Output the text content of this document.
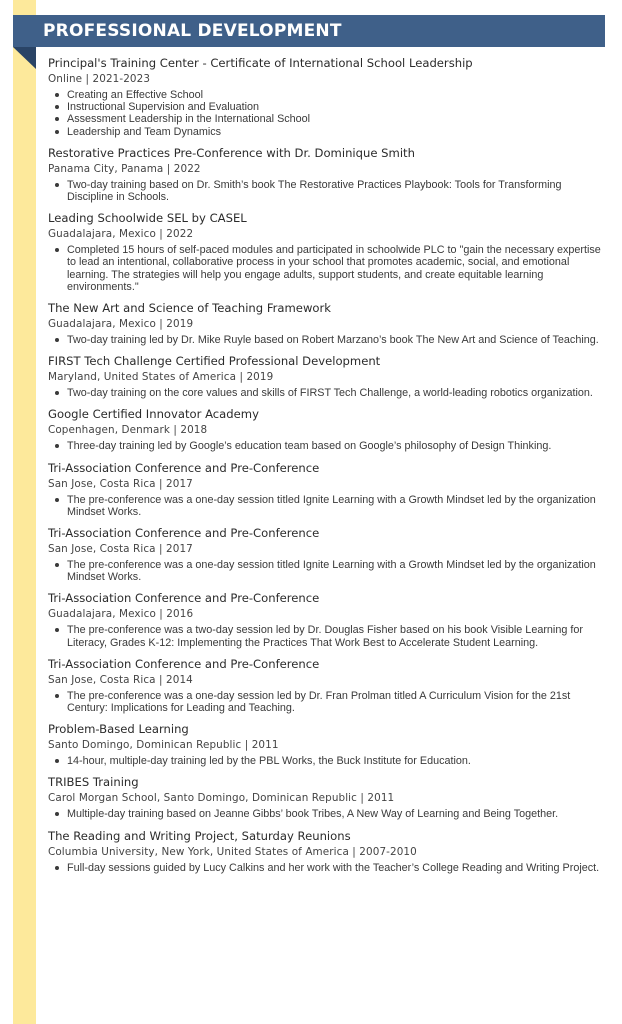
PROFESSIONAL DEVELOPMENT
Principal's Training Center - Certificate of International School Leadership
Online | 2021-2023
Creating an Effective School
Instructional Supervision and Evaluation
Assessment Leadership in the International School
Leadership and Team Dynamics
Restorative Practices Pre-Conference with Dr. Dominique Smith
Panama City, Panama | 2022
Two-day training based on Dr. Smith’s book The Restorative Practices Playbook: Tools for Transforming Discipline in Schools.
Leading Schoolwide SEL by CASEL
Guadalajara, Mexico | 2022
Completed 15 hours of self-paced modules and participated in schoolwide PLC to "gain the necessary expertise to lead an intentional, collaborative process in your school that promotes academic, social, and emotional learning. The strategies will help you engage adults, support students, and create equitable learning environments."
The New Art and Science of Teaching Framework
Guadalajara, Mexico | 2019
Two-day training led by Dr. Mike Ruyle based on Robert Marzano’s book The New Art and Science of Teaching.
FIRST Tech Challenge Certified Professional Development
Maryland, United States of America | 2019
Two-day training on the core values and skills of FIRST Tech Challenge, a world-leading robotics organization.
Google Certified Innovator Academy
Copenhagen, Denmark | 2018
Three-day training led by Google’s education team based on Google’s philosophy of Design Thinking.
Tri-Association Conference and Pre-Conference
San Jose, Costa Rica | 2017
The pre-conference was a one-day session titled Ignite Learning with a Growth Mindset led by the organization Mindset Works.
Tri-Association Conference and Pre-Conference
San Jose, Costa Rica | 2017
The pre-conference was a one-day session titled Ignite Learning with a Growth Mindset led by the organization Mindset Works.
Tri-Association Conference and Pre-Conference
Guadalajara, Mexico | 2016
The pre-conference was a two-day session led by Dr. Douglas Fisher based on his book Visible Learning for Literacy, Grades K-12: Implementing the Practices That Work Best to Accelerate Student Learning.
Tri-Association Conference and Pre-Conference
San Jose, Costa Rica | 2014
The pre-conference was a one-day session led by Dr. Fran Prolman titled A Curriculum Vision for the 21st Century: Implications for Leading and Teaching.
Problem-Based Learning
Santo Domingo, Dominican Republic | 2011
14-hour, multiple-day training led by the PBL Works, the Buck Institute for Education.
TRIBES Training
Carol Morgan School, Santo Domingo, Dominican Republic | 2011
Multiple-day training based on Jeanne Gibbs’ book Tribes, A New Way of Learning and Being Together.
The Reading and Writing Project, Saturday Reunions
Columbia University, New York, United States of America | 2007-2010
Full-day sessions guided by Lucy Calkins and her work with the Teacher’s College Reading and Writing Project.
